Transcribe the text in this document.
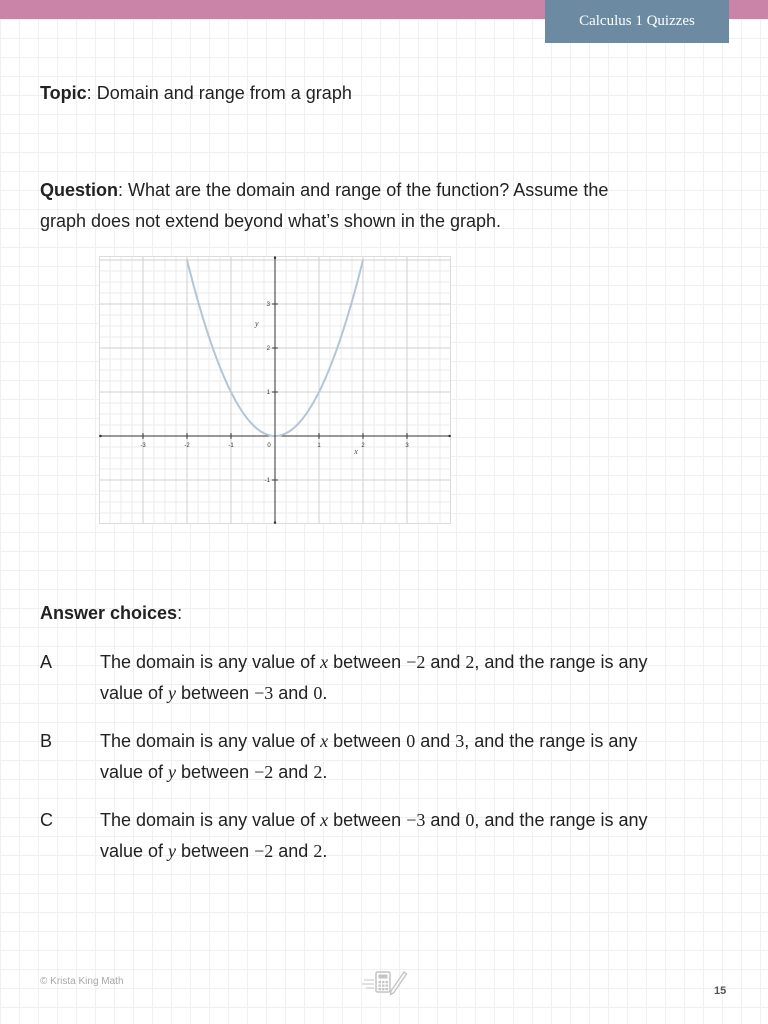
Calculus 1 Quizzes
Topic: Domain and range from a graph
Question: What are the domain and range of the function? Assume the
graph does not extend beyond what’s shown in the graph.
-3	-2	-1	0	1	2	3
-1
1
2
3
x
y
Answer choices:
A	The domain is any value of x between −2 and 2, and the range is any
value of y between −3 and 0.
B	The domain is any value of x between 0 and 3, and the range is any
value of y between −2 and 2.
C	The domain is any value of x between −3 and 0, and the range is any
value of y between −2 and 2.
© Krista King Math
15
